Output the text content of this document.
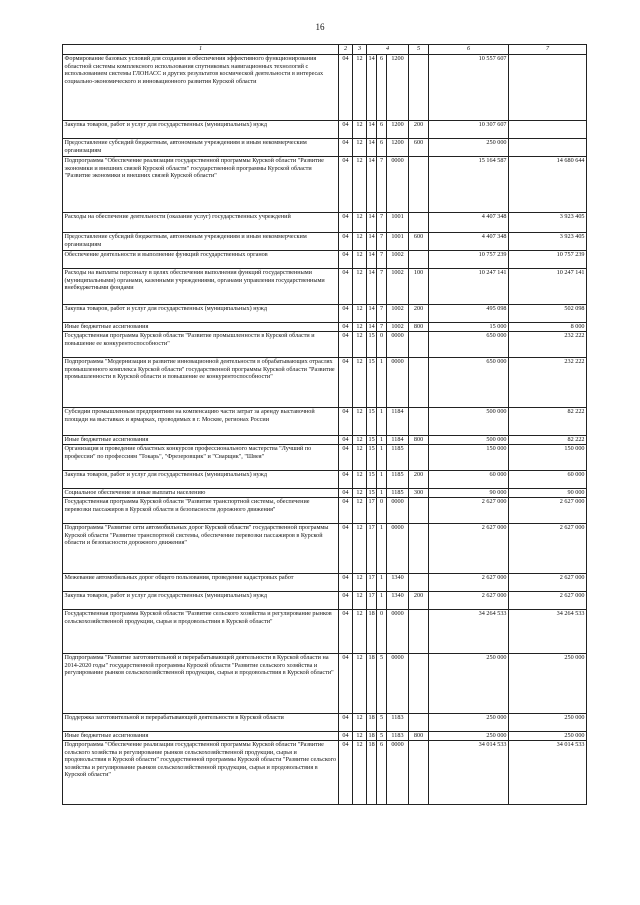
16
1	2	3	4			5	6	7
Формирование базовых условий для создания и обеспечения эффективного функционирования областной системы комплексного использования спутниковых навигационных технологий с использованием системы ГЛОНАСС и других результатов космической деятельности в интересах социально-экономического и инновационного развития Курской области	04	12	14	6	1200		10 557 607	
Закупка товаров, работ и услуг для государственных (муниципальных) нужд	04	12	14	6	1200	200	10 307 607	
Предоставление субсидий бюджетным, автономным учреждениям и иным некоммерческим организациям	04	12	14	6	1200	600	250 000	
Подпрограмма "Обеспечение реализации государственной программы Курской области "Развитие экономики и внешних связей Курской области" государственной программы Курской области "Развитие экономики и внешних связей Курской области"	04	12	14	7	0000		15 164 587	14 680 644
Расходы на обеспечение деятельности (оказание услуг) государственных учреждений	04	12	14	7	1001		4 407 348	3 923 405
Предоставление субсидий бюджетным, автономным учреждениям и иным некоммерческим организациям	04	12	14	7	1001	600	4 407 348	3 923 405
Обеспечение деятельности и выполнение функций государственных органов	04	12	14	7	1002		10 757 239	10 757 239
Расходы на выплаты персоналу в целях обеспечения выполнения функций государственными (муниципальными) органами, казенными учреждениями, органами управления государственными внебюджетными фондами	04	12	14	7	1002	100	10 247 141	10 247 141
Закупка товаров, работ и услуг для государственных (муниципальных) нужд	04	12	14	7	1002	200	495 098	502 098
Иные бюджетные ассигнования	04	12	14	7	1002	800	15 000	8 000
Государственная программа Курской области "Развитие промышленности в Курской области и повышение ее конкурентоспособности"	04	12	15	0	0000		650 000	232 222
Подпрограмма "Модернизация и развитие инновационной деятельности в обрабатывающих отраслях промышленного комплекса Курской области" государственной программы Курской области "Развитие промышленности в Курской области и повышение ее конкурентоспособности"	04	12	15	1	0000		650 000	232 222
Субсидии промышленным предприятиям на компенсацию части затрат за аренду выставочной площади на выставках и ярмарках, проводимых в г. Москве, регионах России	04	12	15	1	1184		500 000	82 222
Иные бюджетные ассигнования	04	12	15	1	1184	800	500 000	82 222
Организация и проведение областных конкурсов профессионального мастерства "Лучший по профессии" по профессиям "Токарь", "Фрезеровщик" и "Сварщик", "Швея"	04	12	15	1	1185		150 000	150 000
Закупка товаров, работ и услуг для государственных (муниципальных) нужд	04	12	15	1	1185	200	60 000	60 000
Социальное обеспечение и иные выплаты населению	04	12	15	1	1185	300	90 000	90 000
Государственная программа Курской области "Развитие транспортной системы, обеспечение перевозки пассажиров в Курской области и безопасности дорожного движения"	04	12	17	0	0000		2 627 000	2 627 000
Подпрограмма "Развитие сети автомобильных дорог Курской области" государственной программы Курской области "Развитие транспортной системы, обеспечение перевозки пассажиров в Курской области и безопасности дорожного движения"	04	12	17	1	0000		2 627 000	2 627 000
Межевание автомобильных дорог общего пользования, проведение кадастровых работ	04	12	17	1	1340		2 627 000	2 627 000
Закупка товаров, работ и услуг для государственных (муниципальных) нужд	04	12	17	1	1340	200	2 627 000	2 627 000
Государственная программа Курской области "Развитие сельского хозяйства и регулирование рынков сельскохозяйственной продукции, сырья и продовольствия в Курской области"	04	12	18	0	0000		34 264 533	34 264 533
Подпрограмма "Развитие заготовительной и перерабатывающей деятельности в Курской области на 2014-2020 годы" государственной программы Курской области "Развитие сельского хозяйства и регулирование рынков сельскохозяйственной продукции, сырья и продовольствия в Курской области"	04	12	18	5	0000		250 000	250 000
Поддержка заготовительной и перерабатывающей деятельности в Курской области	04	12	18	5	1183		250 000	250 000
Иные бюджетные ассигнования	04	12	18	5	1183	800	250 000	250 000
Подпрограмма "Обеспечение реализации государственной программы Курской области "Развитие сельского хозяйства и регулирование рынков сельскохозяйственной продукции, сырья и продовольствия в Курской области" государственной программы Курской области "Развитие сельского хозяйства и регулирование рынков сельскохозяйственной продукции, сырья и продовольствия в Курской области"	04	12	18	6	0000		34 014 533	34 014 533
